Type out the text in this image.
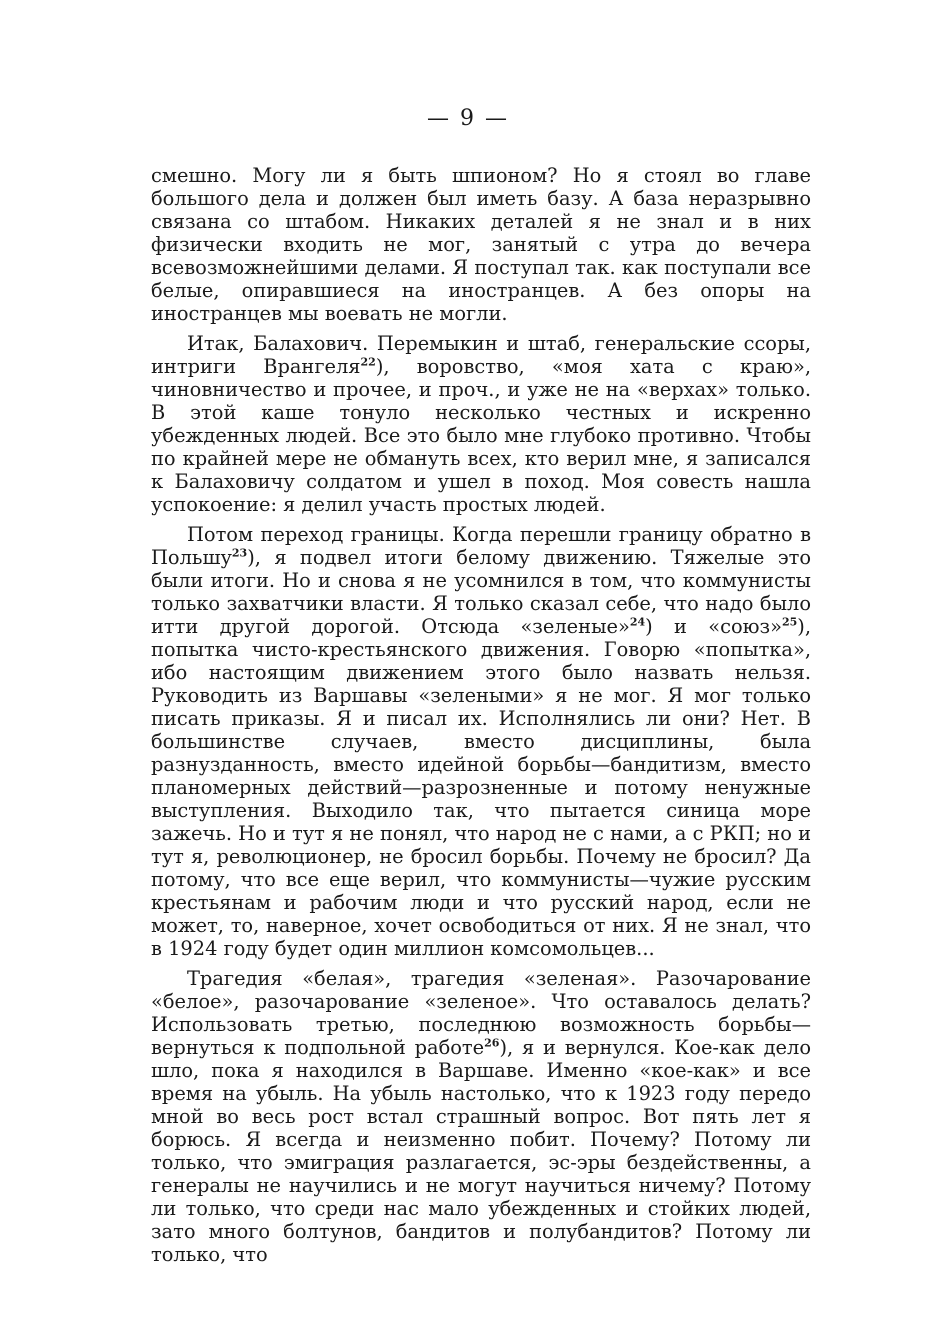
— 9 —

смешно. Могу ли я быть шпионом? Но я стоял во главе большого дела и должен был иметь базу. А база неразрывно связана со штабом. Никаких деталей я не знал и в них физически входить не мог, занятый с утра до вечера всевозможнейшими делами. Я поступал так. как поступали все белые, опиравшиеся на иностранцев. А без опоры на иностранцев мы воевать не могли.

Итак, Балахович. Перемыкин и штаб, генеральские ссоры, интриги Врангеля$^{22}$), воровство, «моя хата с краю», чиновничество и прочее, и проч., и уже не на «верхах» только. В этой каше тонуло несколько честных и искренно убежденных людей. Все это было мне глубоко противно. Чтобы по крайней мере не обмануть всех, кто верил мне, я записался к Балаховичу солдатом и ушел в поход. Моя совесть нашла успокоение: я делил участь простых людей.

Потом переход границы. Когда перешли границу обратно в Польшу$^{23}$), я подвел итоги белому движению. Тяжелые это были итоги. Но и снова я не усомнился в том, что коммунисты только захватчики власти. Я только сказал себе, что надо было итти другой дорогой. Отсюда «зеленые»$^{24}$) и «союз»$^{25}$), попытка чисто-крестьянского движения. Говорю «попытка», ибо настоящим движением этого было назвать нельзя. Руководить из Варшавы «зелеными» я не мог. Я мог только писать приказы. Я и писал их. Исполнялись ли они? Нет. В большинстве случаев, вместо дисциплины, была разнузданность, вместо идейной борьбы—бандитизм, вместо планомерных действий—разрозненные и потому ненужные выступления. Выходило так, что пытается синица море зажечь. Но и тут я не понял, что народ не с нами, а с РКП; но и тут я, революционер, не бросил борьбы. Почему не бросил? Да потому, что все еще верил, что коммунисты—чужие русским крестьянам и рабочим люди и что русский народ, если не может, то, наверное, хочет освободиться от них. Я не знал, что в 1924 году будет один миллион комсомольцев...

Трагедия «белая», трагедия «зеленая». Разочарование «белое», разочарование «зеленое». Что оставалось делать? Использовать третью, последнюю возможность борьбы—вернуться к подпольной работе$^{26}$), я и вернулся. Кое-как дело шло, пока я находился в Варшаве. Именно «кое-как» и все время на убыль. На убыль настолько, что к 1923 году передо мной во весь рост встал страшный вопрос. Вот пять лет я борюсь. Я всегда и неизменно побит. Почему? Потому ли только, что эмиграция разлагается, эс-эры бездейственны, а генералы не научились и не могут научиться ничему? Потому ли только, что среди нас мало убежденных и стойких людей, зато много болтунов, бандитов и полубандитов? Потому ли только, что
